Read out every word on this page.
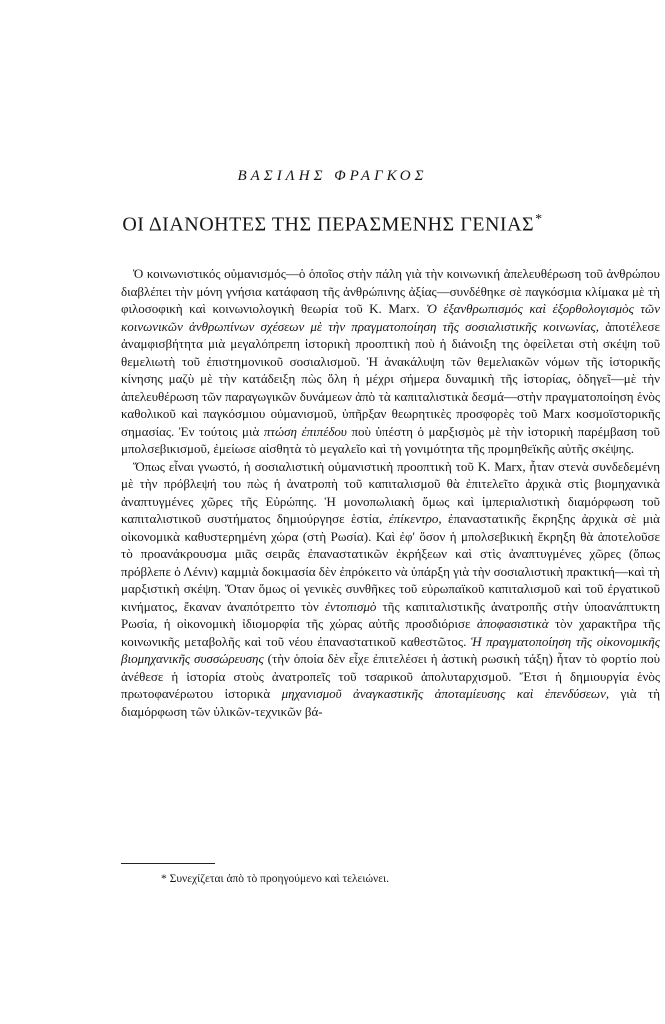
ΒΑΣΙΛΗΣ ΦΡΑΓΚΟΣ
ΟΙ ΔΙΑΝΟΗΤΕΣ ΤΗΣ ΠΕΡΑΣΜΕΝΗΣ ΓΕΝΙΑΣ*

Ὁ κοινωνιστικός οὐμανισμός—ὁ ὁποῖος στὴν πάλη γιὰ τὴν κοινωνική ἀπελευθέρωση τοῦ ἀνθρώπου διαβλέπει τὴν μόνη γνήσια κατάφαση τῆς ἀνθρώπινης ἀξίας—συνδέθηκε σὲ παγκόσμια κλίμακα μὲ τὴ φιλοσοφικὴ καὶ κοινωνιολογικὴ θεωρία τοῦ Κ. Marx. Ὁ ἐξανθρωπισμός καὶ ἐξορθολογισμὸς τῶν κοινωνικῶν ἀνθρωπίνων σχέσεων μὲ τὴν πραγματοποίηση τῆς σοσιαλιστικῆς κοινωνίας, ἀποτέλεσε ἀναμφισβήτητα μιὰ μεγαλόπρεπη ἱστορικὴ προοπτικὴ ποὺ ἡ διάνοιξη της ὀφείλεται στὴ σκέψη τοῦ θεμελιωτὴ τοῦ ἐπιστημονικοῦ σοσιαλισμοῦ. Ἡ ἀνακάλυψη τῶν θεμελιακῶν νόμων τῆς ἱστορικῆς κίνησης μαζὺ μὲ τὴν κατάδειξη πὼς ὅλη ἡ μέχρι σήμερα δυναμικὴ τῆς ἱστορίας, ὁδηγεῖ—μὲ τὴν ἀπελευθέρωση τῶν παραγωγικῶν δυνάμεων ἀπὸ τὰ καπιταλιστικὰ δεσμά—στὴν πραγματοποίηση ἑνὸς καθολικοῦ καὶ παγκόσμιου οὐμανισμοῦ, ὑπῆρξαν θεωρητικὲς προσφορὲς τοῦ Marx κοσμοϊστορικῆς σημασίας. Ἐν τούτοις μιὰ πτώση ἐπιπέδου ποὺ ὑπέστη ὁ μαρξισμὸς μὲ τὴν ἱστορικὴ παρέμβαση τοῦ μπολσεβικισμοῦ, ἐμείωσε αἰσθητὰ τὸ μεγαλεῖο καὶ τὴ γονιμότητα τῆς προμηθεϊκῆς αὐτῆς σκέψης.

Ὅπως εἶναι γνωστό, ἡ σοσιαλιστικὴ οὐμανιστικὴ προοπτικὴ τοῦ Κ. Marx, ἦταν στενὰ συνδεδεμένη μὲ τὴν πρόβλεψή του πὼς ἡ ἀνατροπὴ τοῦ καπιταλισμοῦ θὰ ἐπιτελεῖτο ἀρχικὰ στὶς βιομηχανικὰ ἀναπτυγμένες χῶρες τῆς Εὐρώπης. Ἡ μονοπωλιακὴ ὅμως καὶ ἰμπεριαλιστικὴ διαμόρφωση τοῦ καπιταλιστικοῦ συστήματος δημιούργησε ἑστία, ἐπίκεντρο, ἐπαναστατικῆς ἔκρηξης ἀρχικὰ σὲ μιὰ οἰκονομικὰ καθυστερημένη χώρα (στὴ Ρωσία). Καὶ ἐφ' ὅσον ἡ μπολσεβικικὴ ἔκρηξη θὰ ἀποτελοῦσε τὸ προανάκρουσμα μιᾶς σειρᾶς ἐπαναστατικῶν ἐκρήξεων καὶ στὶς ἀναπτυγμένες χῶρες (ὅπως πρόβλεπε ὁ Λένιν) καμμιὰ δοκιμασία δὲν ἐπρόκειτο νὰ ὑπάρξη γιὰ τὴν σοσιαλιστικὴ πρακτική—καὶ τὴ μαρξιστικὴ σκέψη. Ὅταν ὅμως οἱ γενικὲς συνθῆκες τοῦ εὐρωπαϊκοῦ καπιταλισμοῦ καὶ τοῦ ἐργατικοῦ κινήματος, ἔκαναν ἀναπότρεπτο τὸν ἐντοπισμὸ τῆς καπιταλιστικῆς ἀνατροπῆς στὴν ὑποανάπτυκτη Ρωσία, ἡ οἰκονομικὴ ἰδιομορφία τῆς χώρας αὐτῆς προσδιόρισε ἀποφασιστικὰ τὸν χαρακτῆρα τῆς κοινωνικῆς μεταβολῆς καὶ τοῦ νέου ἐπαναστατικοῦ καθεστῶτος. Ἡ πραγματοποίηση τῆς οἰκονομικῆς βιομηχανικῆς συσσώρευσης (τὴν ὁποία δὲν εἶχε ἐπιτελέσει ἡ ἀστικὴ ρωσικὴ τάξη) ἦταν τὸ φορτίο ποὺ ἀνέθεσε ἡ ἱστορία στοὺς ἀνατροπεῖς τοῦ τσαρικοῦ ἀπολυταρχισμοῦ. Ἔτσι ἡ δημιουργία ἑνὸς πρωτοφανέρωτου ἱστορικὰ μηχανισμοῦ ἀναγκαστικῆς ἀποταμίευσης καὶ ἐπενδύσεων, γιὰ τὴ διαμόρφωση τῶν ὑλικῶν-τεχνικῶν βά-

* Συνεχίζεται ἀπὸ τὸ προηγούμενο καὶ τελειώνει.
